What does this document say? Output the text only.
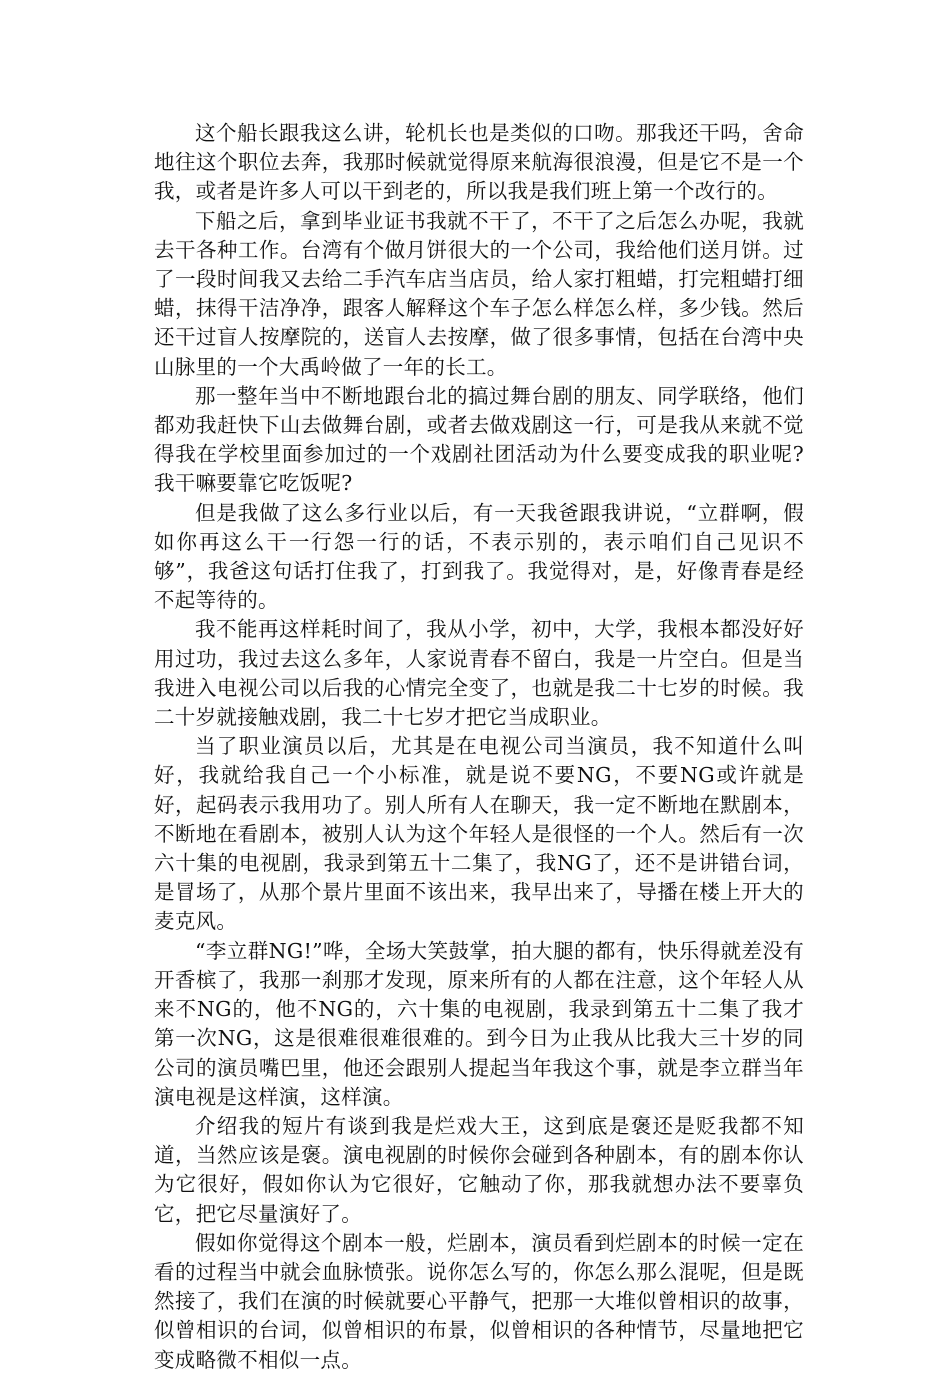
这个船长跟我这么讲，轮机长也是类似的口吻。那我还干吗，舍命地往这个职位去奔，我那时候就觉得原来航海很浪漫，但是它不是一个我，或者是许多人可以干到老的，所以我是我们班上第一个改行的。

下船之后，拿到毕业证书我就不干了，不干了之后怎么办呢，我就去干各种工作。台湾有个做月饼很大的一个公司，我给他们送月饼。过了一段时间我又去给二手汽车店当店员，给人家打粗蜡，打完粗蜡打细蜡，抹得干洁净净，跟客人解释这个车子怎么样怎么样，多少钱。然后还干过盲人按摩院的，送盲人去按摩，做了很多事情，包括在台湾中央山脉里的一个大禹岭做了一年的长工。

那一整年当中不断地跟台北的搞过舞台剧的朋友、同学联络，他们都劝我赶快下山去做舞台剧，或者去做戏剧这一行，可是我从来就不觉得我在学校里面参加过的一个戏剧社团活动为什么要变成我的职业呢?我干嘛要靠它吃饭呢?

但是我做了这么多行业以后，有一天我爸跟我讲说，“立群啊，假如你再这么干一行怨一行的话，不表示别的，表示咱们自己见识不够”，我爸这句话打住我了，打到我了。我觉得对，是，好像青春是经不起等待的。

我不能再这样耗时间了，我从小学，初中，大学，我根本都没好好用过功，我过去这么多年，人家说青春不留白，我是一片空白。但是当我进入电视公司以后我的心情完全变了，也就是我二十七岁的时候。我二十岁就接触戏剧，我二十七岁才把它当成职业。

当了职业演员以后，尤其是在电视公司当演员，我不知道什么叫好，我就给我自己一个小标准，就是说不要NG，不要NG或许就是好，起码表示我用功了。别人所有人在聊天，我一定不断地在默剧本，不断地在看剧本，被别人认为这个年轻人是很怪的一个人。然后有一次六十集的电视剧，我录到第五十二集了，我NG了，还不是讲错台词，是冒场了，从那个景片里面不该出来，我早出来了，导播在楼上开大的麦克风。

“李立群NG!”哗，全场大笑鼓掌，拍大腿的都有，快乐得就差没有开香槟了，我那一刹那才发现，原来所有的人都在注意，这个年轻人从来不NG的，他不NG的，六十集的电视剧，我录到第五十二集了我才第一次NG，这是很难很难很难的。到今日为止我从比我大三十岁的同公司的演员嘴巴里，他还会跟别人提起当年我这个事，就是李立群当年演电视是这样演，这样演。

介绍我的短片有谈到我是烂戏大王，这到底是褒还是贬我都不知道，当然应该是褒。演电视剧的时候你会碰到各种剧本，有的剧本你认为它很好，假如你认为它很好，它触动了你，那我就想办法不要辜负它，把它尽量演好了。

假如你觉得这个剧本一般，烂剧本，演员看到烂剧本的时候一定在看的过程当中就会血脉愤张。说你怎么写的，你怎么那么混呢，但是既然接了，我们在演的时候就要心平静气，把那一大堆似曾相识的故事，似曾相识的台词，似曾相识的布景，似曾相识的各种情节，尽量地把它变成略微不相似一点。
